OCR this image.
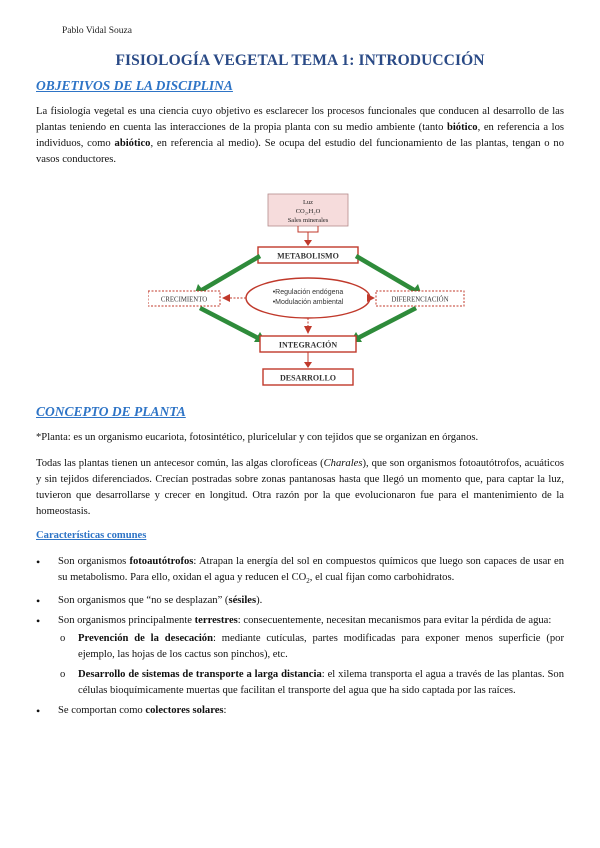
Pablo Vidal Souza
FISIOLOGÍA VEGETAL TEMA 1: INTRODUCCIÓN
OBJETIVOS DE LA DISCIPLINA
La fisiología vegetal es una ciencia cuyo objetivo es esclarecer los procesos funcionales que conducen al desarrollo de las plantas teniendo en cuenta las interacciones de la propia planta con su medio ambiente (tanto biótico, en referencia a los individuos, como abiótico, en referencia al medio). Se ocupa del estudio del funcionamiento de las plantas, tengan o no vasos conductores.
Luz
CO₂,H₂O
Sales minerales
METABOLISMO
CRECIMIENTO	DIFERENCIACIÓN
•Regulación endógena
•Modulación ambiental
INTEGRACIÓN
DESARROLLO
CONCEPTO DE PLANTA
*Planta: es un organismo eucariota, fotosintético, pluricelular y con tejidos que se organizan en órganos.
Todas las plantas tienen un antecesor común, las algas clorofíceas (Charales), que son organismos fotoautótrofos, acuáticos y sin tejidos diferenciados. Crecían postradas sobre zonas pantanosas hasta que llegó un momento que, para captar la luz, tuvieron que desarrollarse y crecer en longitud. Otra razón por la que evolucionaron fue para el mantenimiento de la homeostasis.
Características comunes
• Son organismos fotoautótrofos: Atrapan la energía del sol en compuestos químicos que luego son capaces de usar en su metabolismo. Para ello, oxidan el agua y reducen el $CO_2$, el cual fijan como carbohidratos.
• Son organismos que “no se desplazan” (sésiles).
• Son organismos principalmente terrestres: consecuentemente, necesitan mecanismos para evitar la pérdida de agua:
o Prevención de la desecación: mediante cutículas, partes modificadas para exponer menos superficie (por ejemplo, las hojas de los cactus son pinchos), etc.
o Desarrollo de sistemas de transporte a larga distancia: el xilema transporta el agua a través de las plantas. Son células bioquímicamente muertas que facilitan el transporte del agua que ha sido captada por las raíces.
• Se comportan como colectores solares:
